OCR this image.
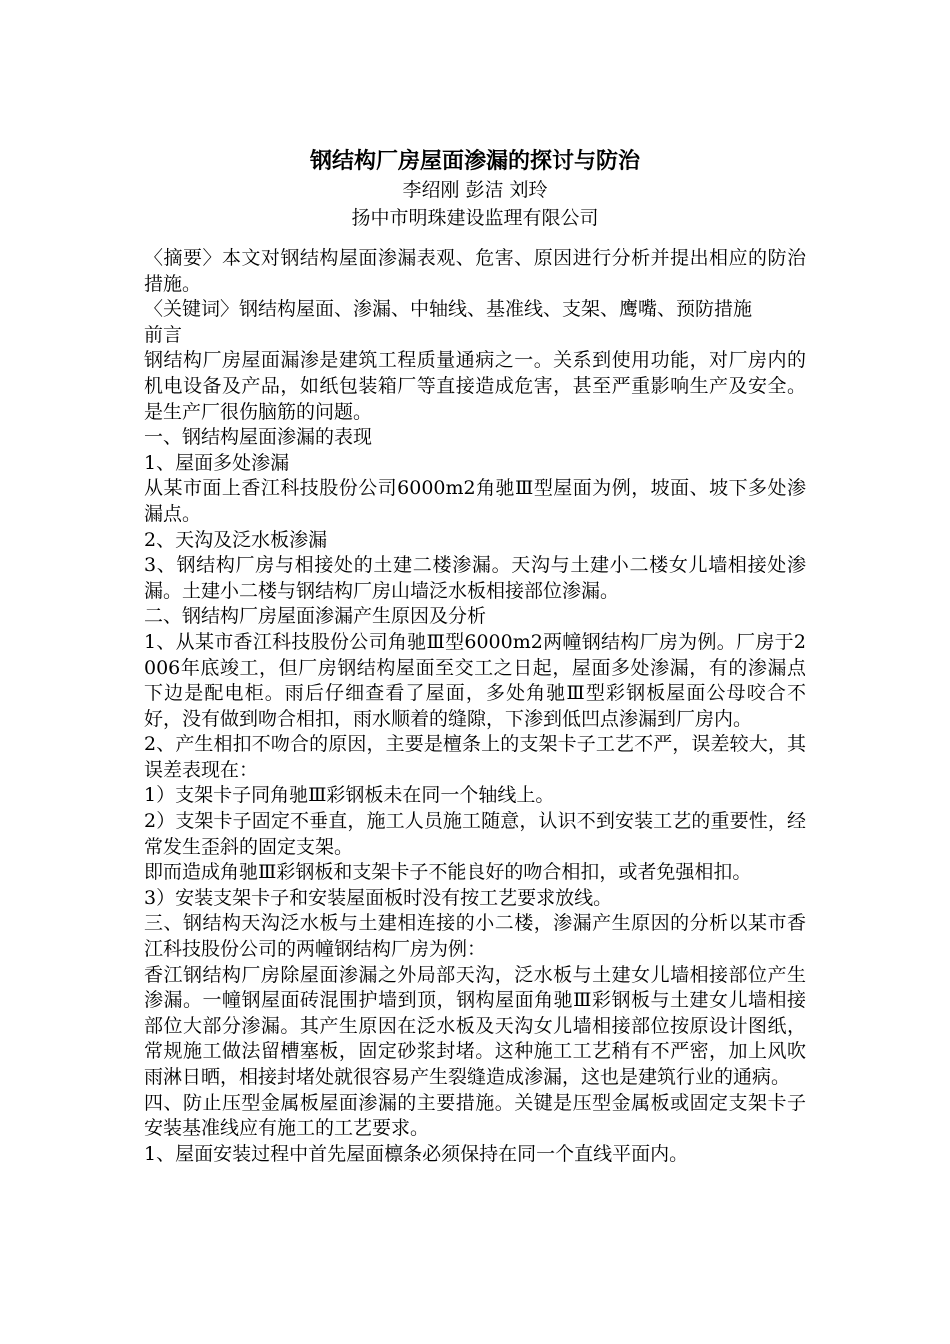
钢结构厂房屋面渗漏的探讨与防治
李绍刚 彭洁 刘玲
扬中市明珠建设监理有限公司

〈摘要〉本文对钢结构屋面渗漏表观、危害、原因进行分析并提出相应的防治措施。

〈关键词〉钢结构屋面、渗漏、中轴线、基准线、支架、鹰嘴、预防措施

前言

钢结构厂房屋面漏渗是建筑工程质量通病之一。关系到使用功能，对厂房内的机电设备及产品，如纸包装箱厂等直接造成危害，甚至严重影响生产及安全。是生产厂很伤脑筋的问题。

一、钢结构屋面渗漏的表现

1、屋面多处渗漏

从某市面上香江科技股份公司6000m2角驰Ⅲ型屋面为例，坡面、坡下多处渗漏点。

2、天沟及泛水板渗漏

3、钢结构厂房与相接处的土建二楼渗漏。天沟与土建小二楼女儿墙相接处渗漏。土建小二楼与钢结构厂房山墙泛水板相接部位渗漏。

二、钢结构厂房屋面渗漏产生原因及分析

1、从某市香江科技股份公司角驰Ⅲ型6000m2两幢钢结构厂房为例。厂房于2006年底竣工，但厂房钢结构屋面至交工之日起，屋面多处渗漏，有的渗漏点下边是配电柜。雨后仔细查看了屋面，多处角驰Ⅲ型彩钢板屋面公母咬合不好，没有做到吻合相扣，雨水顺着的缝隙，下渗到低凹点渗漏到厂房内。

2、产生相扣不吻合的原因，主要是檀条上的支架卡子工艺不严，误差较大，其误差表现在：

1）支架卡子同角驰Ⅲ彩钢板未在同一个轴线上。

2）支架卡子固定不垂直，施工人员施工随意，认识不到安装工艺的重要性，经常发生歪斜的固定支架。

即而造成角驰Ⅲ彩钢板和支架卡子不能良好的吻合相扣，或者免强相扣。

3）安装支架卡子和安装屋面板时没有按工艺要求放线。

三、钢结构天沟泛水板与土建相连接的小二楼，渗漏产生原因的分析以某市香江科技股份公司的两幢钢结构厂房为例：

香江钢结构厂房除屋面渗漏之外局部天沟，泛水板与土建女儿墙相接部位产生渗漏。一幢钢屋面砖混围护墙到顶，钢构屋面角驰Ⅲ彩钢板与土建女儿墙相接部位大部分渗漏。其产生原因在泛水板及天沟女儿墙相接部位按原设计图纸，常规施工做法留槽塞板，固定砂浆封堵。这种施工工艺稍有不严密，加上风吹雨淋日晒，相接封堵处就很容易产生裂缝造成渗漏，这也是建筑行业的通病。

四、防止压型金属板屋面渗漏的主要措施。关键是压型金属板或固定支架卡子安装基准线应有施工的工艺要求。

1、屋面安装过程中首先屋面檩条必须保持在同一个直线平面内。
